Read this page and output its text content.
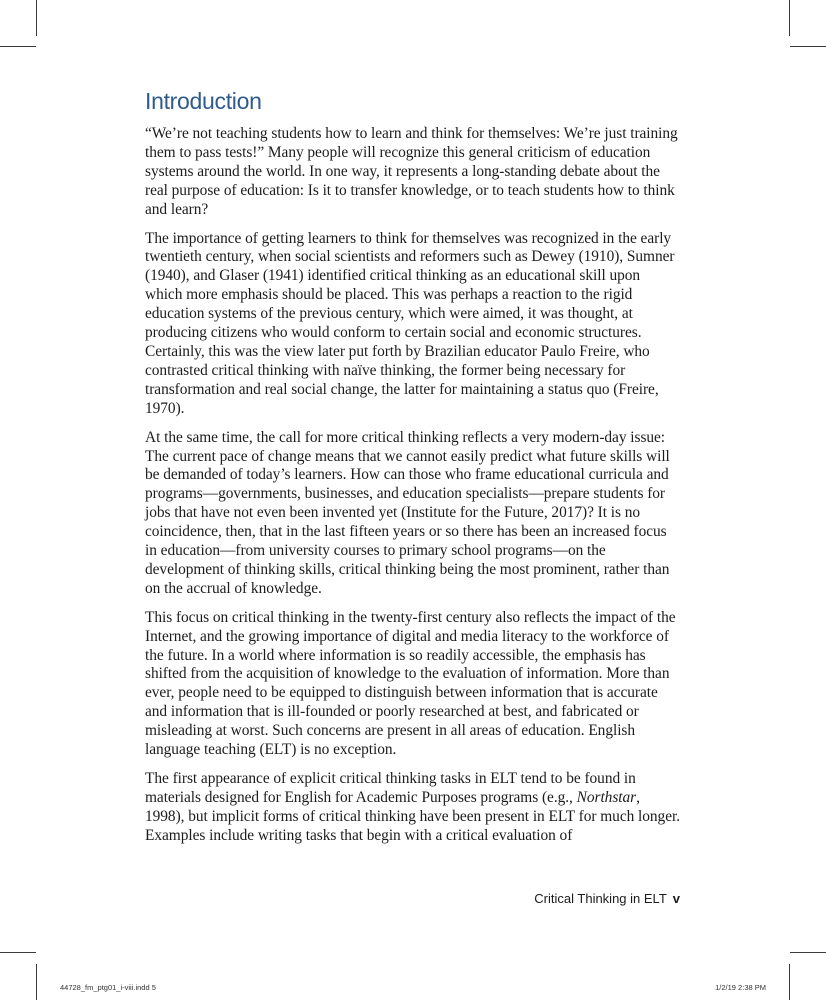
Introduction

“We’re not teaching students how to learn and think for themselves: We’re just training them to pass tests!” Many people will recognize this general criticism of education systems around the world. In one way, it represents a long-standing debate about the real purpose of education: Is it to transfer knowledge, or to teach students how to think and learn?

The importance of getting learners to think for themselves was recognized in the early twentieth century, when social scientists and reformers such as Dewey (1910), Sumner (1940), and Glaser (1941) identified critical thinking as an educational skill upon which more emphasis should be placed. This was perhaps a reaction to the rigid education systems of the previous century, which were aimed, it was thought, at producing citizens who would conform to certain social and economic structures. Certainly, this was the view later put forth by Brazilian educator Paulo Freire, who contrasted critical thinking with naïve thinking, the former being necessary for transformation and real social change, the latter for maintaining a status quo (Freire, 1970).

At the same time, the call for more critical thinking reflects a very modern-day issue: The current pace of change means that we cannot easily predict what future skills will be demanded of today’s learners. How can those who frame educational curricula and programs—governments, businesses, and education specialists—prepare students for jobs that have not even been invented yet (Institute for the Future, 2017)? It is no coincidence, then, that in the last fifteen years or so there has been an increased focus in education—from university courses to primary school programs—on the development of thinking skills, critical thinking being the most prominent, rather than on the accrual of knowledge.

This focus on critical thinking in the twenty-first century also reflects the impact of the Internet, and the growing importance of digital and media literacy to the workforce of the future. In a world where information is so readily accessible, the emphasis has shifted from the acquisition of knowledge to the evaluation of information. More than ever, people need to be equipped to distinguish between information that is accurate and information that is ill-founded or poorly researched at best, and fabricated or misleading at worst. Such concerns are present in all areas of education. English language teaching (ELT) is no exception.

The first appearance of explicit critical thinking tasks in ELT tend to be found in materials designed for English for Academic Purposes programs (e.g., Northstar, 1998), but implicit forms of critical thinking have been present in ELT for much longer. Examples include writing tasks that begin with a critical evaluation of

Critical Thinking in ELT v
44728_fm_ptg01_i-viii.indd 5	1/2/19 2:38 PM
